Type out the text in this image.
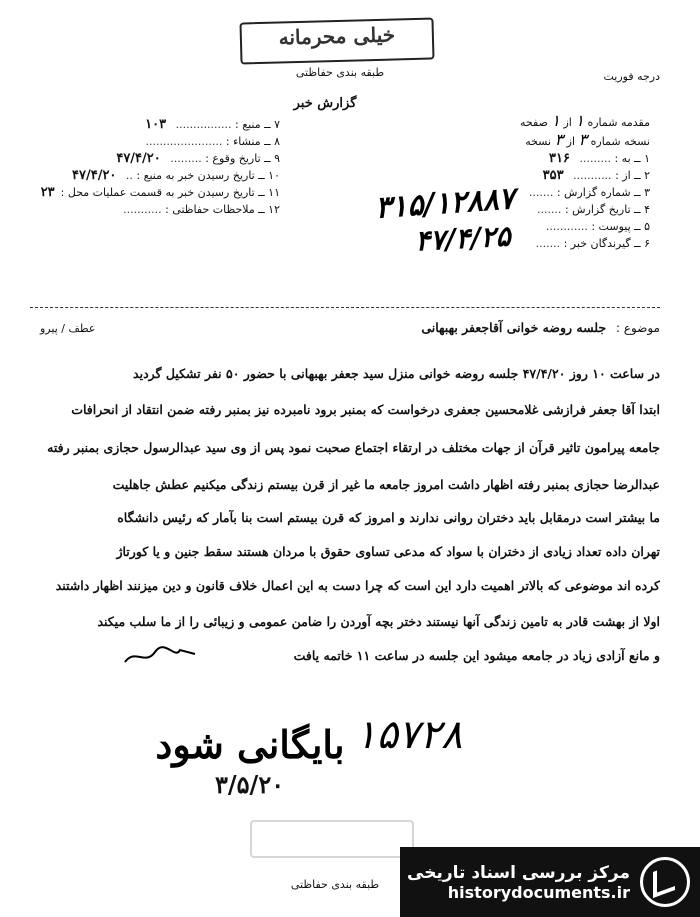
خیلی محرمانه
طبقه بندی حفاظتی	درجه فوریت
گزارش خبر
۷ ــ منبع : ................ ۱۰۳
۸ ــ منشاء : ......................
۹ ــ تاریخ وقوع : ......... ۴۷/۴/۲۰
۱۰ ــ تاریخ رسیدن خبر به منبع : .. ۴۷/۴/۲۰
۱۱ ــ تاریخ رسیدن خبر به قسمت عملیات محل :۲۳
۱۲ ــ ملاحظات حفاظتی : ...........
مقدمه شماره ۱ از ۱ صفحه
نسخه شماره ۳ از ۳ نسخه
۱ ــ به : ......... ۳۱۶
۲ ــ از : ........... ۳۵۳
۳ ــ شماره گزارش : .......
۴ ــ تاریخ گزارش : .......
۵ ــ پیوست : ............
۶ ــ گیرندگان خبر : .......
۳۱۵/۱۲۸۸۷
۴۷/۴/۲۵
موضوع : جلسه روضه خوانی آقاجعفر بهبهانی
عطف / پیرو
در ساعت ۱۰ روز ۴۷/۴/۲۰ جلسه روضه خوانی منزل سید جعفر بهبهانی با حضور ۵۰ نفر تشکیل گردید
ابتدا آقا جعفر فرازشی غلامحسین جعفری درخواست که بمنبر برود نامبرده نیز بمنبر رفته ضمن انتقاد از انحرافات
جامعه پیرامون تاثیر قرآن از جهات مختلف در ارتقاء اجتماع صحبت نمود پس از وی سید عبدالرسول حجازی بمنبر رفته
عبدالرضا حجازی بمنبر رفته اظهار داشت امروز جامعه ما غیر از قرن بیستم زندگی میکنیم عطش جاهلیت
ما بیشتر است درمقابل باید دختران روانی ندارند و امروز که قرن بیستم است بنا بآمار که رئیس دانشگاه
تهران داده تعداد زیادی از دختران با سواد که مدعی تساوی حقوق با مردان هستند سقط جنین و یا کورتاژ
کرده اند موضوعی که بالاتر اهمیت دارد این است که چرا دست به این اعمال خلاف قانون و دین میزنند اظهار داشتند
اولا از بهشت قادر به تامین زندگی آنها نیستند دختر بچه آوردن را ضامن عمومی و زیبائی را از ما سلب میکند
و مانع آزادی زیاد در جامعه میشود این جلسه در ساعت ۱۱ خاتمه یافت
۱۵۷۲۸
بایگانی شود
۳/۵/۲۰
طبقه بندی حفاظتی
مرکز بررسی اسناد تاریخی
historydocuments.ir
